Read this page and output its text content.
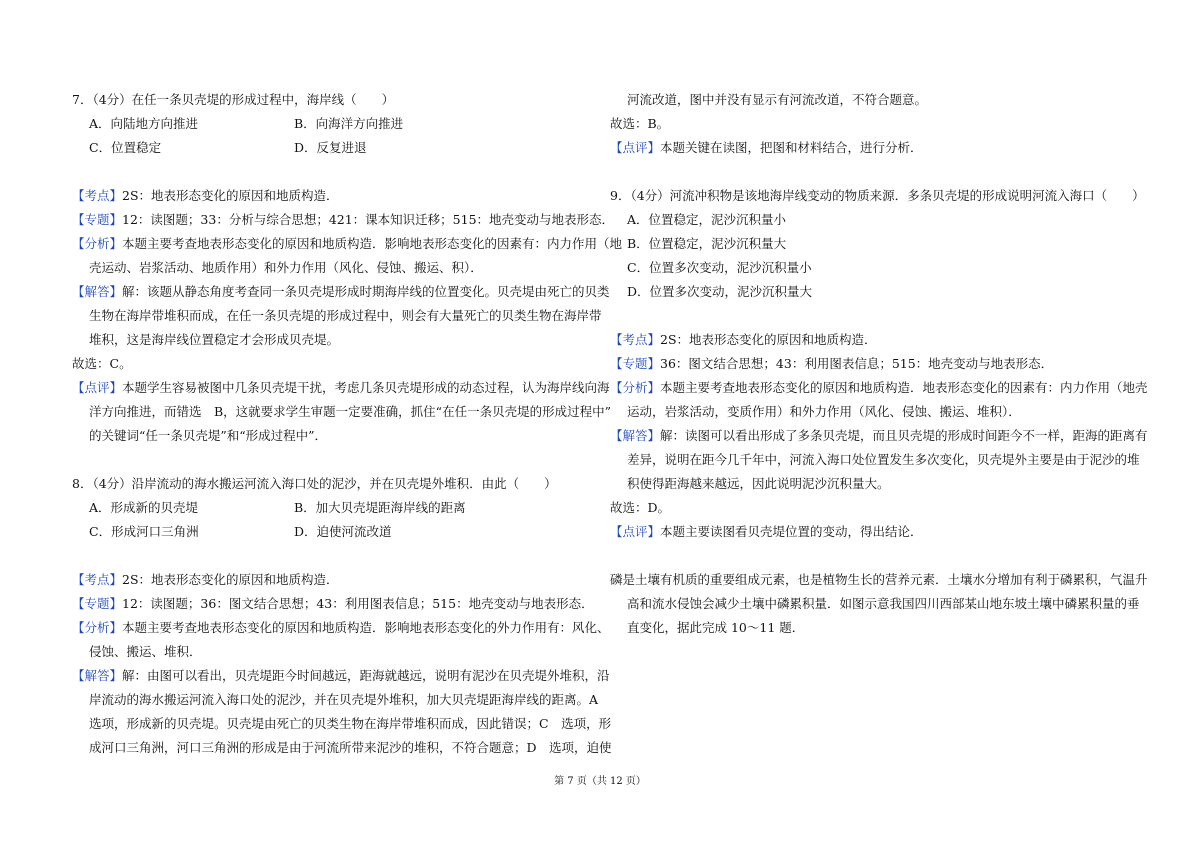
7．（4分）在任一条贝壳堤的形成过程中，海岸线（　　）
A．向陆地方向推进	B．向海洋方向推进
C．位置稳定	D．反复进退
【考点】2S：地表形态变化的原因和地质构造．
【专题】12：读图题；33：分析与综合思想；421：课本知识迁移；515：地壳变动与地表形态．
【分析】本题主要考查地表形态变化的原因和地质构造．影响地表形态变化的因素有：内力作用（地
壳运动、岩浆活动、地质作用）和外力作用（风化、侵蚀、搬运、积）．
【解答】解：该题从静态角度考查同一条贝壳堤形成时期海岸线的位置变化。贝壳堤由死亡的贝类
生物在海岸带堆积而成，在任一条贝壳堤的形成过程中，则会有大量死亡的贝类生物在海岸带
堆积，这是海岸线位置稳定才会形成贝壳堤。
故选：C。
【点评】本题学生容易被图中几条贝壳堤干扰，考虑几条贝壳堤形成的动态过程，认为海岸线向海
洋方向推进，而错选　B，这就要求学生审题一定要准确，抓住“在任一条贝壳堤的形成过程中”
的关键词“任一条贝壳堤”和“形成过程中”．
8．（4分）沿岸流动的海水搬运河流入海口处的泥沙，并在贝壳堤外堆积．由此（　　）
A．形成新的贝壳堤	B．加大贝壳堤距海岸线的距离
C．形成河口三角洲	D．迫使河流改道
【考点】2S：地表形态变化的原因和地质构造．
【专题】12：读图题；36：图文结合思想；43：利用图表信息；515：地壳变动与地表形态．
【分析】本题主要考查地表形态变化的原因和地质构造．影响地表形态变化的外力作用有：风化、
侵蚀、搬运、堆积．
【解答】解：由图可以看出，贝壳堤距今时间越远，距海就越远，说明有泥沙在贝壳堤外堆积，沿
岸流动的海水搬运河流入海口处的泥沙，并在贝壳堤外堆积，加大贝壳堤距海岸线的距离。A
选项，形成新的贝壳堤。贝壳堤由死亡的贝类生物在海岸带堆积而成，因此错误；C　选项，形
成河口三角洲，河口三角洲的形成是由于河流所带来泥沙的堆积，不符合题意；D　选项，迫使
河流改道，图中并没有显示有河流改道，不符合题意。
故选：B。
【点评】本题关键在读图，把图和材料结合，进行分析．
9．（4分）河流冲积物是该地海岸线变动的物质来源．多条贝壳堤的形成说明河流入海口（　　）
A．位置稳定，泥沙沉积量小
B．位置稳定，泥沙沉积量大
C．位置多次变动，泥沙沉积量小
D．位置多次变动，泥沙沉积量大
【考点】2S：地表形态变化的原因和地质构造．
【专题】36：图文结合思想；43：利用图表信息；515：地壳变动与地表形态．
【分析】本题主要考查地表形态变化的原因和地质构造．地表形态变化的因素有：内力作用（地壳
运动，岩浆活动，变质作用）和外力作用（风化、侵蚀、搬运、堆积）．
【解答】解：读图可以看出形成了多条贝壳堤，而且贝壳堤的形成时间距今不一样，距海的距离有
差异，说明在距今几千年中，河流入海口处位置发生多次变化，贝壳堤外主要是由于泥沙的堆
积使得距海越来越远，因此说明泥沙沉积量大。
故选：D。
【点评】本题主要读图看贝壳堤位置的变动，得出结论．
磷是土壤有机质的重要组成元素，也是植物生长的营养元素．土壤水分增加有利于磷累积，气温升
高和流水侵蚀会减少土壤中磷累积量．如图示意我国四川西部某山地东坡土壤中磷累积量的垂
直变化，据此完成 10～11 题．
第 7 页（共 12 页）
